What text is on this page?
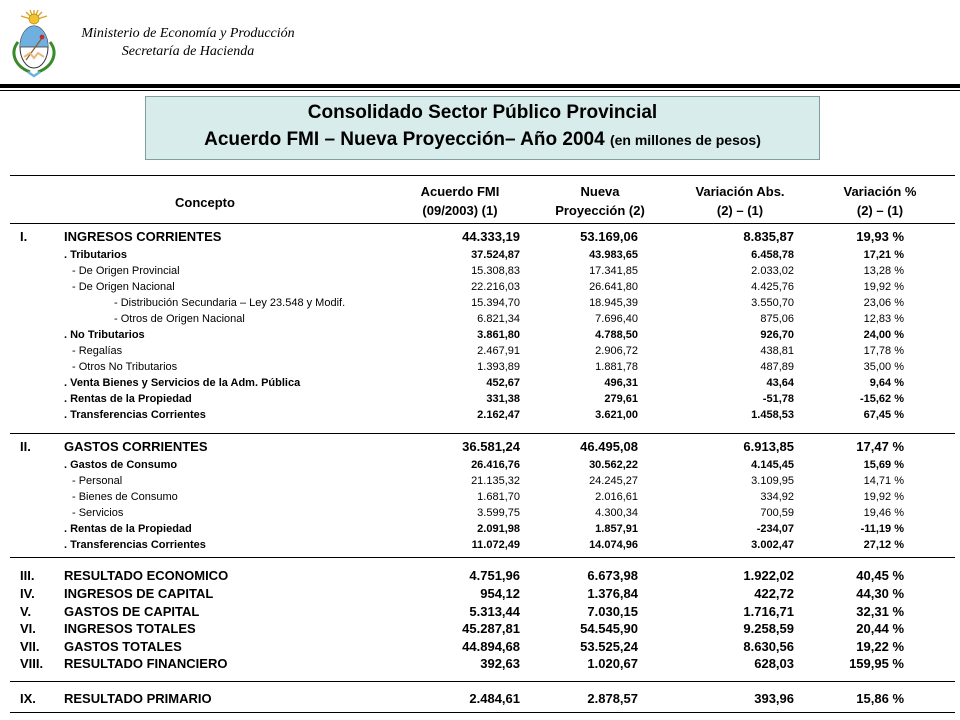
Ministerio de Economía y Producción
Secretaría de Hacienda
Consolidado Sector Público Provincial
Acuerdo FMI – Nueva Proyección– Año 2004 (en millones de pesos)
Concepto
Acuerdo FMI
(09/2003) (1)
Nueva
Proyección (2)
Variación Abs.
(2) – (1)
Variación %
(2) – (1)
I.	INGRESOS CORRIENTES	44.333,19	53.169,06	8.835,87	19,93 %
. Tributarios	37.524,87	43.983,65	6.458,78	17,21 %
- De Origen Provincial	15.308,83	17.341,85	2.033,02	13,28 %
- De Origen Nacional	22.216,03	26.641,80	4.425,76	19,92 %
- Distribución Secundaria – Ley 23.548 y Modif.	15.394,70	18.945,39	3.550,70	23,06 %
- Otros de Origen Nacional	6.821,34	7.696,40	875,06	12,83 %
. No Tributarios	3.861,80	4.788,50	926,70	24,00 %
- Regalías	2.467,91	2.906,72	438,81	17,78 %
- Otros No Tributarios	1.393,89	1.881,78	487,89	35,00 %
. Venta Bienes y Servicios de la Adm. Pública	452,67	496,31	43,64	9,64 %
. Rentas de la Propiedad	331,38	279,61	-51,78	-15,62 %
. Transferencias Corrientes	2.162,47	3.621,00	1.458,53	67,45 %
II.	GASTOS CORRIENTES	36.581,24	46.495,08	6.913,85	17,47 %
. Gastos de Consumo	26.416,76	30.562,22	4.145,45	15,69 %
- Personal	21.135,32	24.245,27	3.109,95	14,71 %
- Bienes de Consumo	1.681,70	2.016,61	334,92	19,92 %
- Servicios	3.599,75	4.300,34	700,59	19,46 %
. Rentas de la Propiedad	2.091,98	1.857,91	-234,07	-11,19 %
. Transferencias Corrientes	11.072,49	14.074,96	3.002,47	27,12 %
III. RESULTADO ECONOMICO	4.751,96	6.673,98	1.922,02	40,45 %
IV. INGRESOS DE CAPITAL	954,12	1.376,84	422,72	44,30 %
V.	GASTOS DE CAPITAL	5.313,44	7.030,15	1.716,71	32,31 %
VI. INGRESOS TOTALES	45.287,81	54.545,90	9.258,59	20,44 %
VII. GASTOS TOTALES	44.894,68	53.525,24	8.630,56	19,22 %
VIII. RESULTADO FINANCIERO	392,63	1.020,67	628,03	159,95 %
IX. RESULTADO PRIMARIO	2.484,61	2.878,57	393,96	15,86 %
